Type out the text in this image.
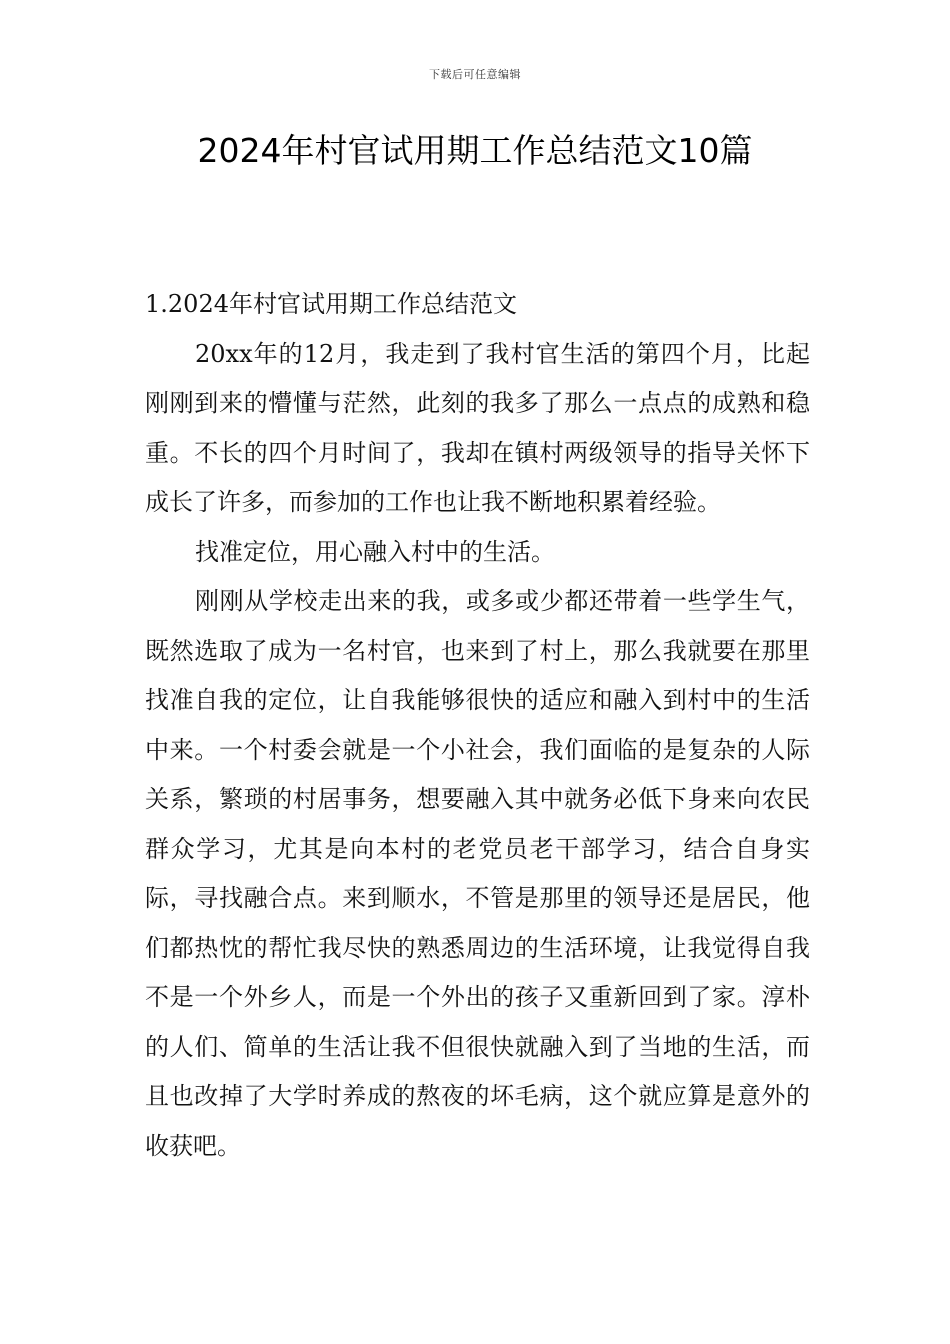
下载后可任意编辑
2024年村官试用期工作总结范文10篇

1.2024年村官试用期工作总结范文

20xx年的12月，我走到了我村官生活的第四个月，比起刚刚到来的懵懂与茫然，此刻的我多了那么一点点的成熟和稳重。不长的四个月时间了，我却在镇村两级领导的指导关怀下成长了许多，而参加的工作也让我不断地积累着经验。

找准定位，用心融入村中的生活。

刚刚从学校走出来的我，或多或少都还带着一些学生气，既然选取了成为一名村官，也来到了村上，那么我就要在那里找准自我的定位，让自我能够很快的适应和融入到村中的生活中来。一个村委会就是一个小社会，我们面临的是复杂的人际关系，繁琐的村居事务，想要融入其中就务必低下身来向农民群众学习，尤其是向本村的老党员老干部学习，结合自身实际，寻找融合点。来到顺水，不管是那里的领导还是居民，他们都热忱的帮忙我尽快的熟悉周边的生活环境，让我觉得自我不是一个外乡人，而是一个外出的孩子又重新回到了家。淳朴的人们、简单的生活让我不但很快就融入到了当地的生活，而且也改掉了大学时养成的熬夜的坏毛病，这个就应算是意外的收获吧。
